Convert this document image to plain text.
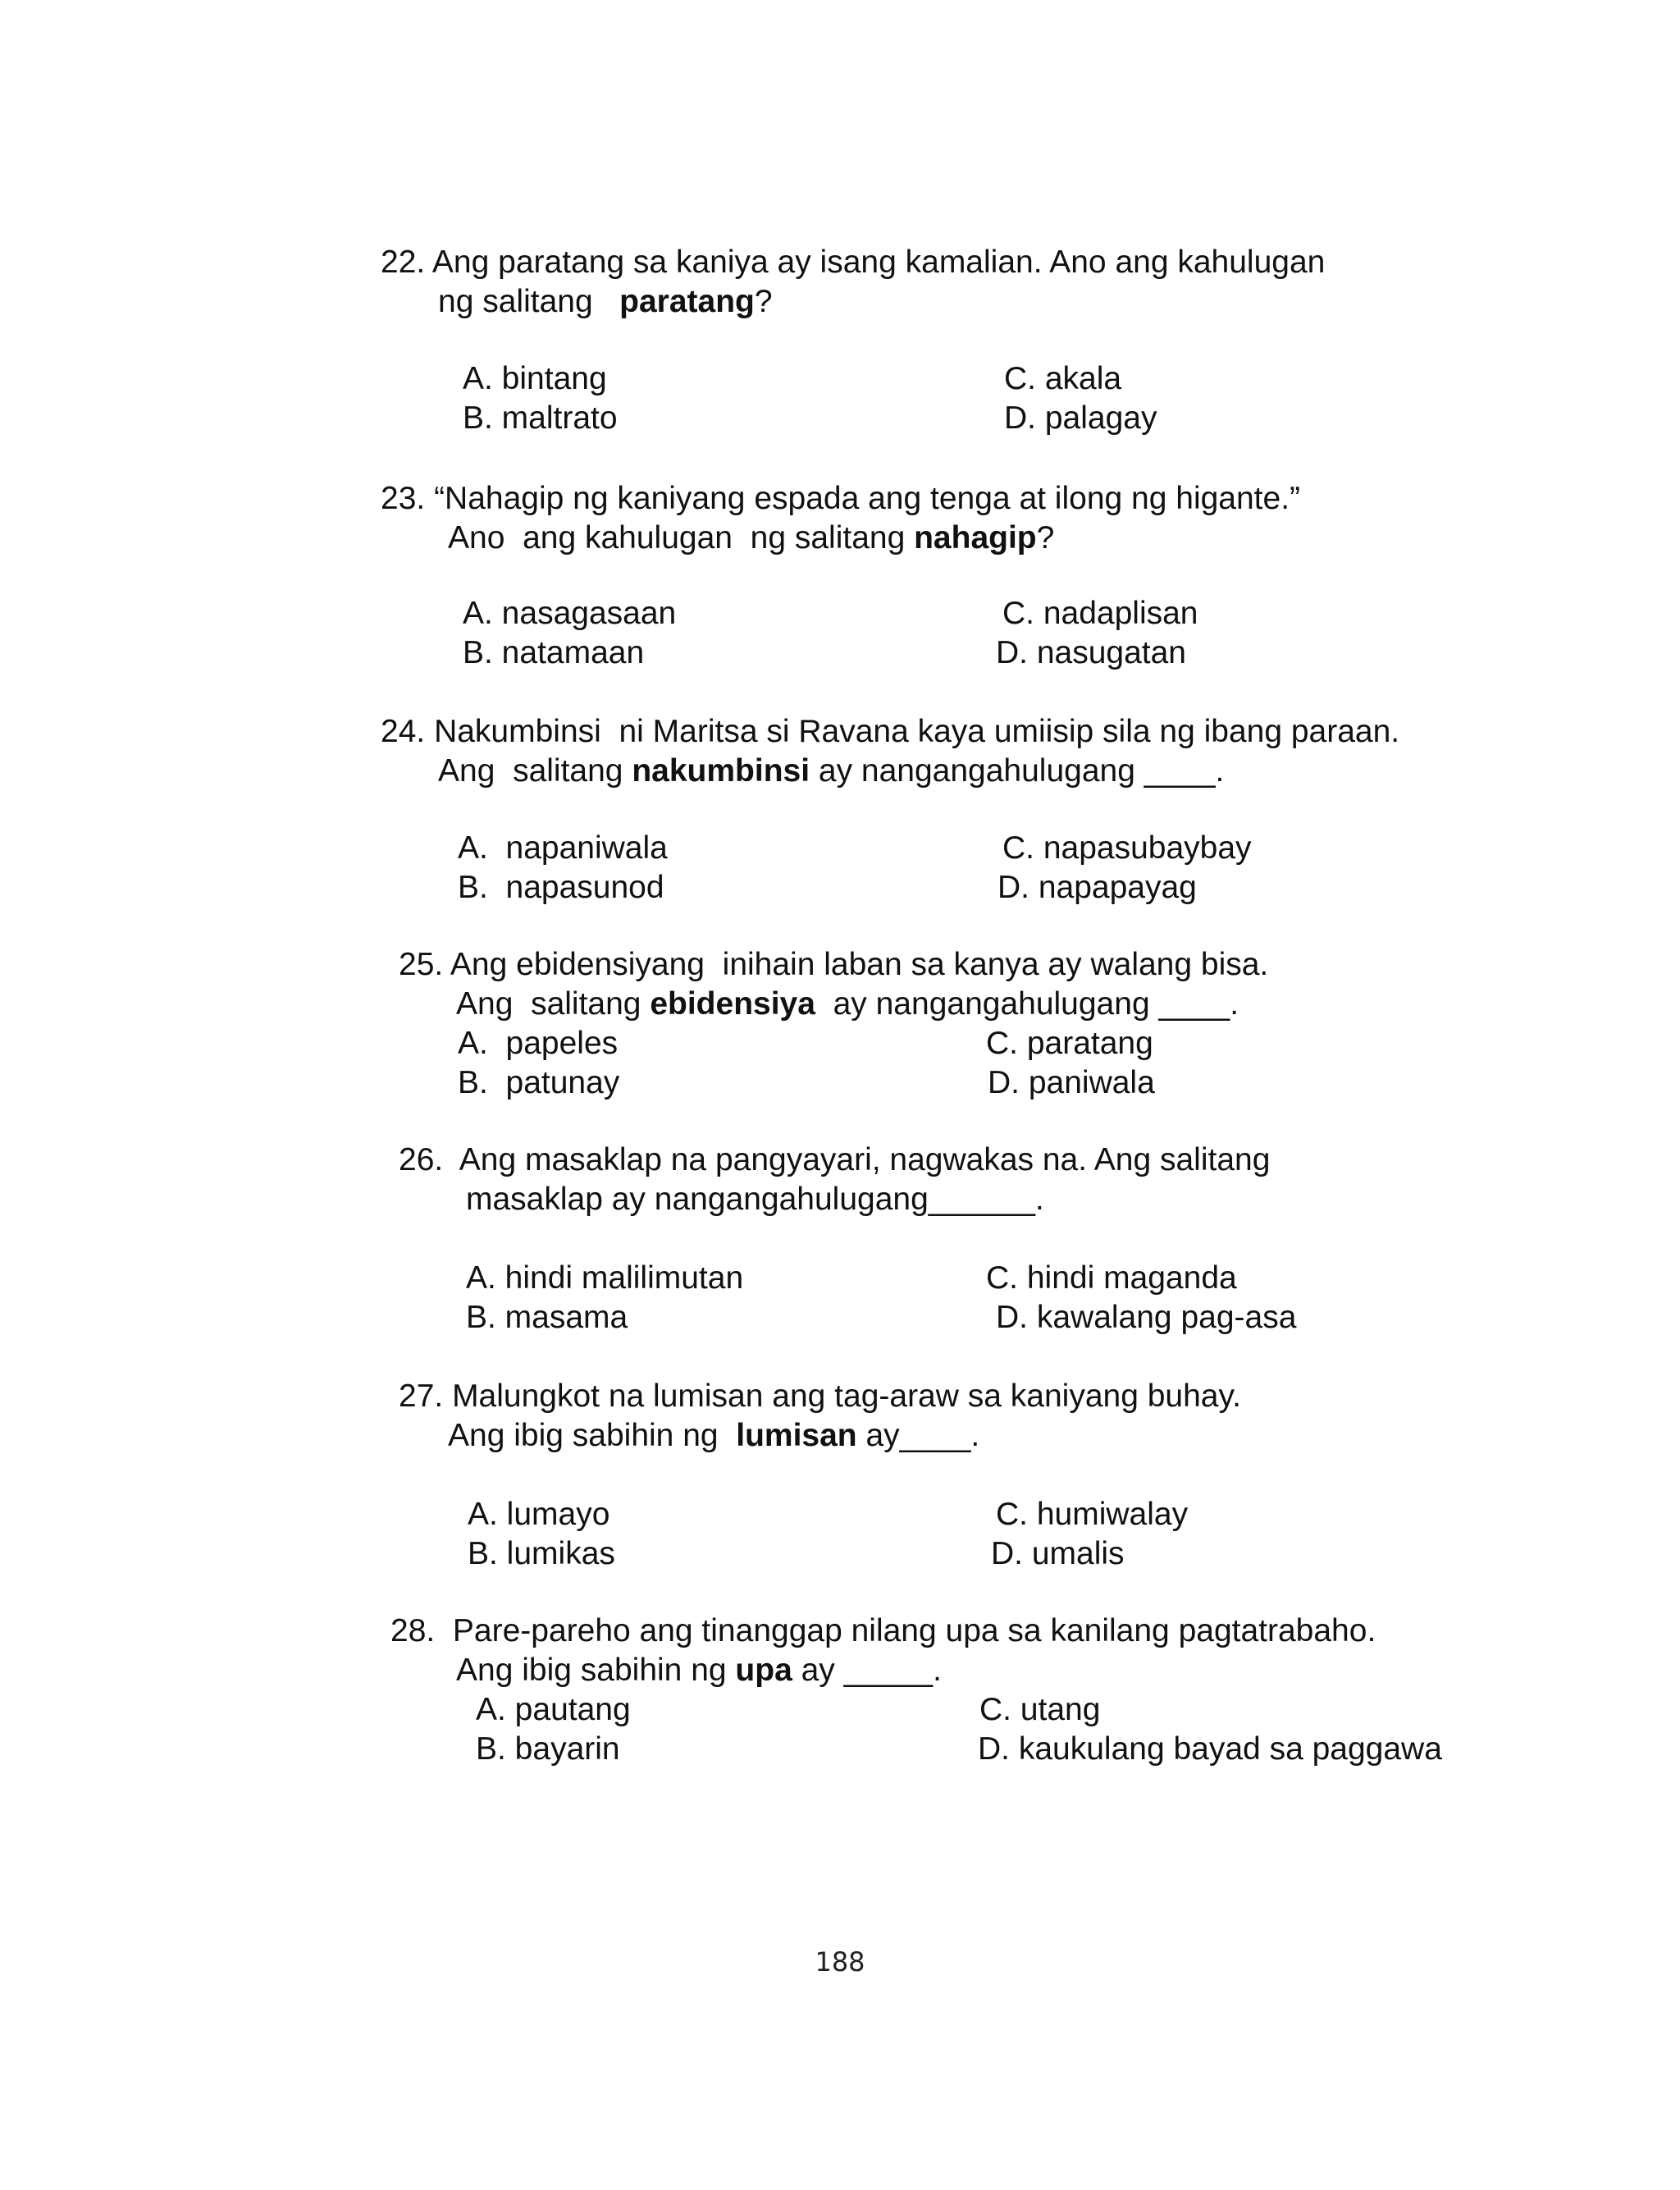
22. Ang paratang sa kaniya ay isang kamalian. Ano ang kahulugan
ng salitang   paratang?
A. bintang
B. maltrato
C. akala
D. palagay
23. “Nahagip ng kaniyang espada ang tenga at ilong ng higante.”
Ano  ang kahulugan  ng salitang nahagip?
A. nasagasaan
B. natamaan
C. nadaplisan
D. nasugatan
24. Nakumbinsi  ni Maritsa si Ravana kaya umiisip sila ng ibang paraan.
Ang  salitang nakumbinsi ay nangangahulugang ____.
A.  napaniwala
B.  napasunod
C. napasubaybay
D. napapayag
25. Ang ebidensiyang  inihain laban sa kanya ay walang bisa.
Ang  salitang ebidensiya  ay nangangahulugang ____.
A.  papeles
B.  patunay
C. paratang
D. paniwala
26. Ang masaklap na pangyayari, nagwakas na. Ang salitang
masaklap ay nangangahulugang______.
A. hindi malilimutan
B. masama
C. hindi maganda
D. kawalang pag-asa
27. Malungkot na lumisan ang tag-araw sa kaniyang buhay.
Ang ibig sabihin ng  lumisan ay____.
A. lumayo
B. lumikas
C. humiwalay
D. umalis
28. Pare-pareho ang tinanggap nilang upa sa kanilang pagtatrabaho.
Ang ibig sabihin ng upa ay _____.
A. pautang
B. bayarin
C. utang
D. kaukulang bayad sa paggawa
188
